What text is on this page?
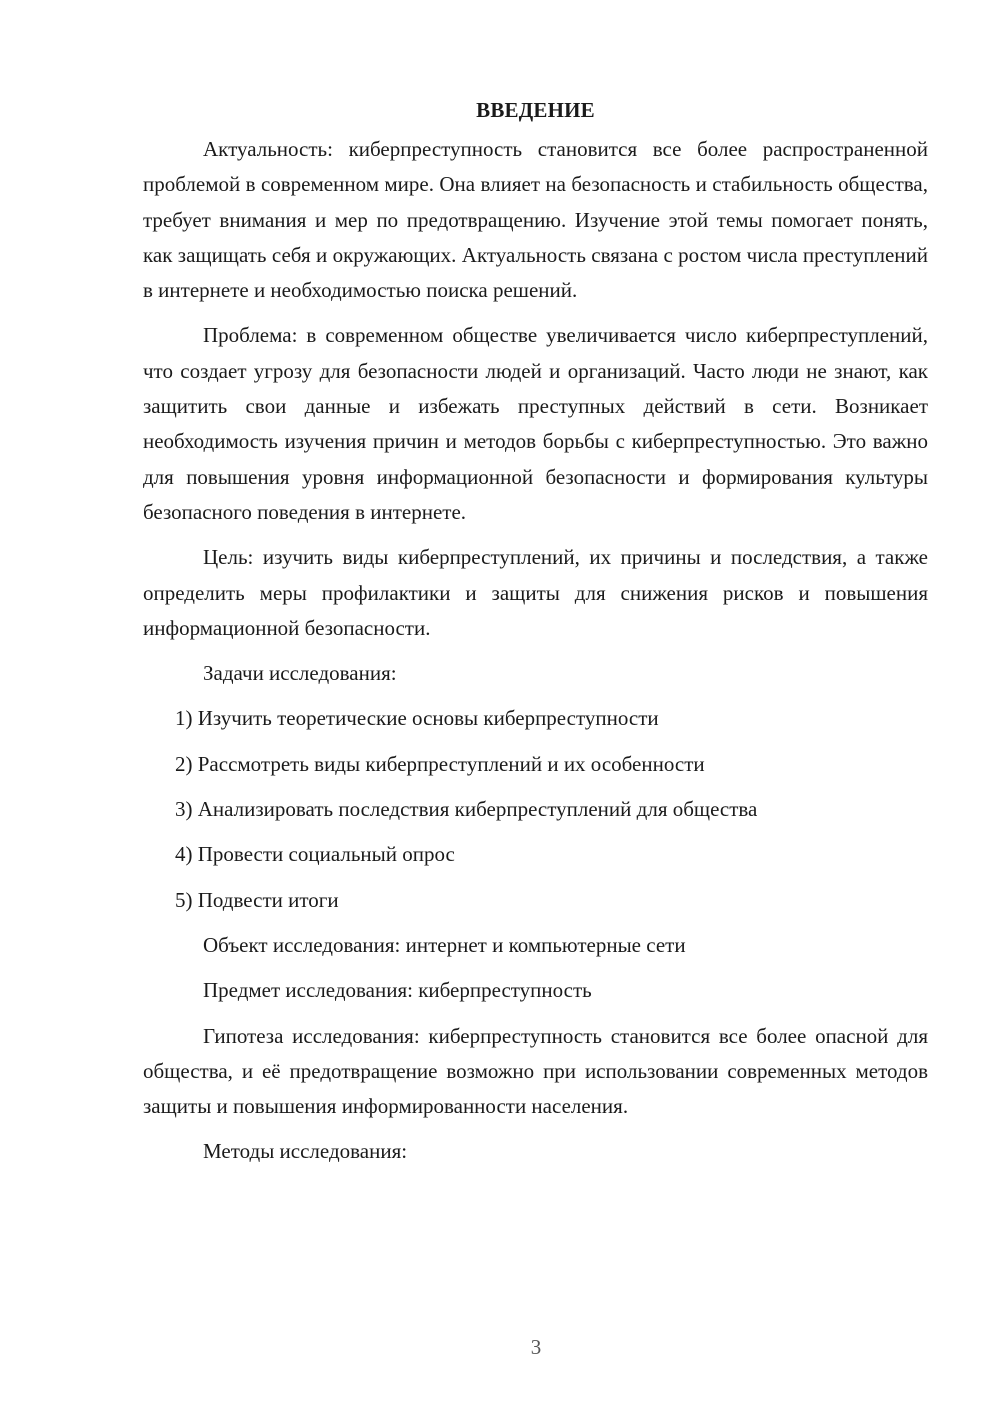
ВВЕДЕНИЕ

Актуальность: киберпреступность становится все более распространенной проблемой в современном мире. Она влияет на безопасность и стабильность общества, требует внимания и мер по предотвращению. Изучение этой темы помогает понять, как защищать себя и окружающих. Актуальность связана с ростом числа преступлений в интернете и необходимостью поиска решений.

Проблема: в современном обществе увеличивается число киберпреступлений, что создает угрозу для безопасности людей и организаций. Часто люди не знают, как защитить свои данные и избежать преступных действий в сети. Возникает необходимость изучения причин и методов борьбы с киберпреступностью. Это важно для повышения уровня информационной безопасности и формирования культуры безопасного поведения в интернете.

Цель: изучить виды киберпреступлений, их причины и последствия, а также определить меры профилактики и защиты для снижения рисков и повышения информационной безопасности.

Задачи исследования:
1) Изучить теоретические основы киберпреступности
2) Рассмотреть виды киберпреступлений и их особенности
3) Анализировать последствия киберпреступлений для общества
4) Провести социальный опрос
5) Подвести итоги
Объект исследования: интернет и компьютерные сети
Предмет исследования: киберпреступность

Гипотеза исследования: киберпреступность становится все более опасной для общества, и её предотвращение возможно при использовании современных методов защиты и повышения информированности населения.

Методы исследования:
3
